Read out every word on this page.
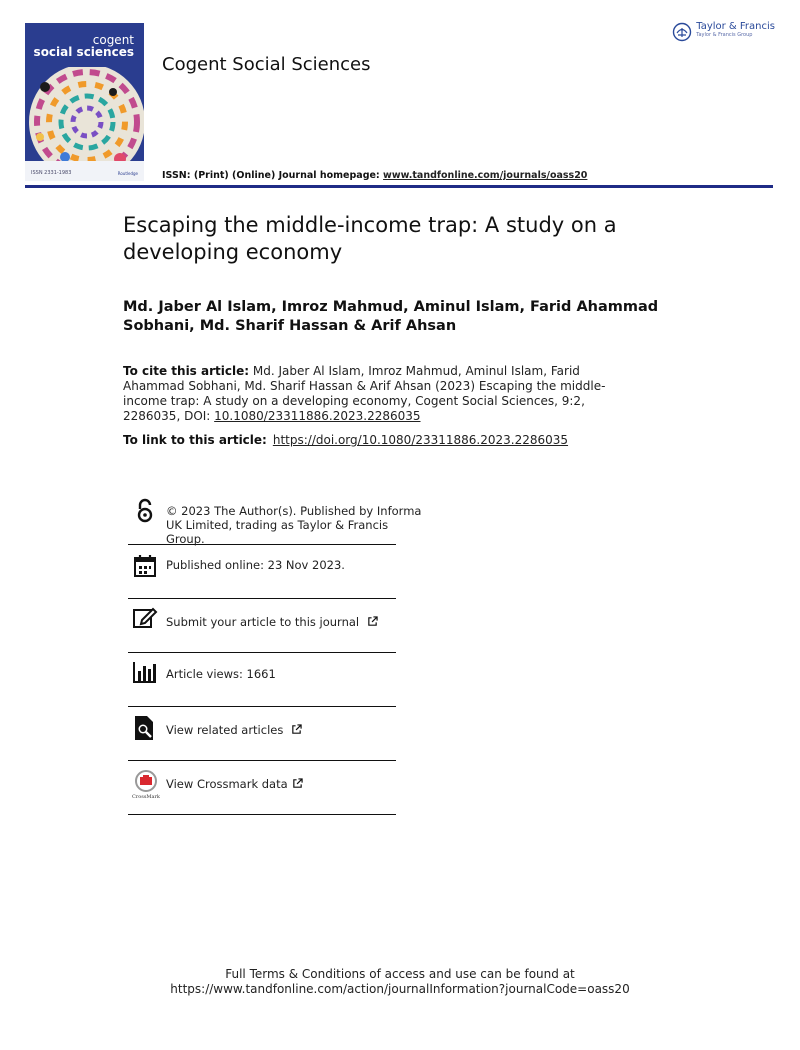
cogent
social sciences
ISSN 2331-1983	Routledge
Cogent Social Sciences
Taylor & Francis
Taylor & Francis Group
ISSN: (Print) (Online) Journal homepage: www.tandfonline.com/journals/oass20
Escaping the middle-income trap: A study on a developing economy
Md. Jaber Al Islam, Imroz Mahmud, Aminul Islam, Farid Ahammad Sobhani, Md. Sharif Hassan & Arif Ahsan
To cite this article: Md. Jaber Al Islam, Imroz Mahmud, Aminul Islam, Farid Ahammad Sobhani, Md. Sharif Hassan & Arif Ahsan (2023) Escaping the middle-income trap: A study on a developing economy, Cogent Social Sciences, 9:2, 2286035, DOI: 10.1080/23311886.2023.2286035
To link to this article: https://doi.org/10.1080/23311886.2023.2286035
© 2023 The Author(s). Published by Informa
UK Limited, trading as Taylor & Francis
Group.
Published online: 23 Nov 2023.
Submit your article to this journal
Article views: 1661
View related articles
CrossMark
View Crossmark data
Full Terms & Conditions of access and use can be found at
https://www.tandfonline.com/action/journalInformation?journalCode=oass20
